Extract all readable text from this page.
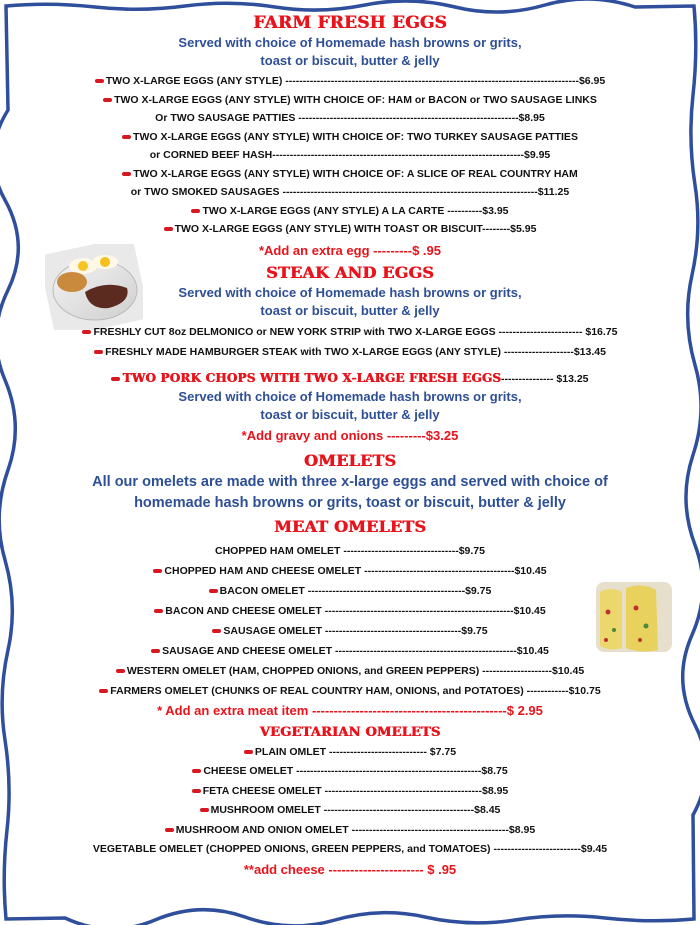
FARM FRESH EGGS
Served with choice of Homemade hash browns or grits,
toast or biscuit, butter & jelly
TWO X-LARGE EGGS (ANY STYLE) ------------------------------------------------------------------------------------$6.95
TWO X-LARGE EGGS (ANY STYLE) WITH CHOICE OF: HAM or BACON or TWO SAUSAGE LINKS
Or TWO SAUSAGE PATTIES ---------------------------------------------------------------$8.95
TWO X-LARGE EGGS (ANY STYLE) WITH CHOICE OF: TWO TURKEY SAUSAGE PATTIES
or CORNED BEEF HASH------------------------------------------------------------------------$9.95
TWO X-LARGE EGGS (ANY STYLE) WITH CHOICE OF: A SLICE OF REAL COUNTRY HAM
or TWO SMOKED SAUSAGES -------------------------------------------------------------------------$11.25
TWO X-LARGE EGGS (ANY STYLE) A LA CARTE ----------$3.95
TWO X-LARGE EGGS (ANY STYLE) WITH TOAST OR BISCUIT--------$5.95
*Add an extra egg ---------$ .95
STEAK AND EGGS
Served with choice of Homemade hash browns or grits,
toast or biscuit, butter & jelly
FRESHLY CUT 8oz DELMONICO or NEW YORK STRIP with TWO X-LARGE EGGS ------------------------ $16.75
FRESHLY MADE HAMBURGER STEAK with TWO X-LARGE EGGS (ANY STYLE) --------------------$13.45
TWO PORK CHOPS WITH TWO X-LARGE FRESH EGGS--------------- $13.25
Served with choice of Homemade hash browns or grits,
toast or biscuit, butter & jelly
*Add gravy and onions ---------$3.25
OMELETS
All our omelets are made with three x-large eggs and served with choice of
homemade hash browns or grits, toast or biscuit, butter & jelly
MEAT OMELETS
CHOPPED HAM OMELET ---------------------------------$9.75
CHOPPED HAM AND CHEESE OMELET -------------------------------------------$10.45
BACON OMELET ---------------------------------------------$9.75
BACON AND CHEESE OMELET ------------------------------------------------------$10.45
SAUSAGE OMELET ---------------------------------------$9.75
SAUSAGE AND CHEESE OMELET ----------------------------------------------------$10.45
WESTERN OMELET (HAM, CHOPPED ONIONS, and GREEN PEPPERS) --------------------$10.45
FARMERS OMELET (CHUNKS OF REAL COUNTRY HAM, ONIONS, and POTATOES) ------------$10.75
* Add an extra meat item ---------------------------------------------$ 2.95
VEGETARIAN OMELETS
PLAIN OMLET ---------------------------- $7.75
CHEESE OMELET -----------------------------------------------------$8.75
FETA CHEESE OMELET ---------------------------------------------$8.95
MUSHROOM OMELET -------------------------------------------$8.45
MUSHROOM AND ONION OMELET ---------------------------------------------$8.95
VEGETABLE OMELET (CHOPPED ONIONS, GREEN PEPPERS, and TOMATOES) -------------------------$9.45
**add cheese ---------------------- $ .95
